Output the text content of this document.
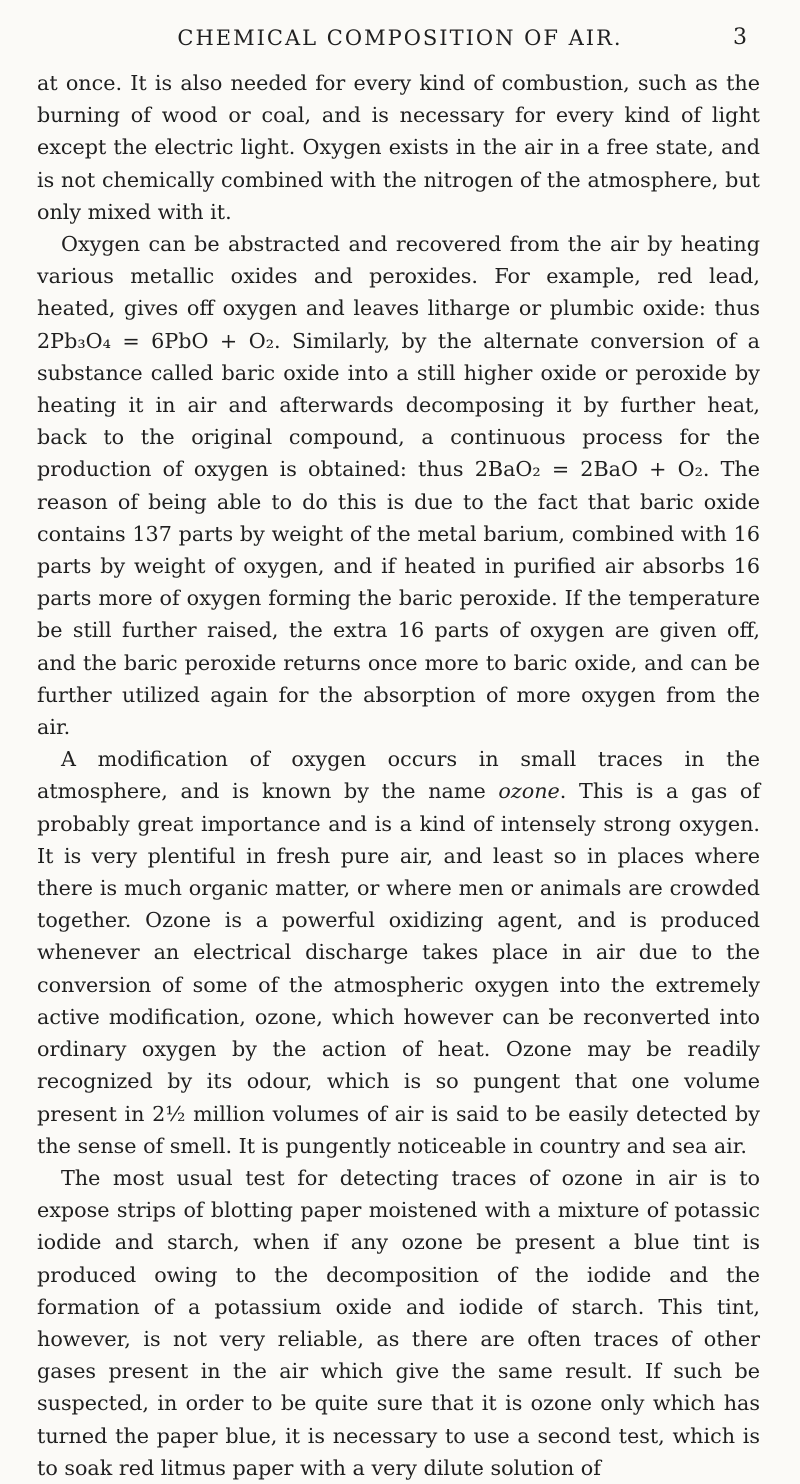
CHEMICAL COMPOSITION OF AIR.	3

at once. It is also needed for every kind of combustion, such as the burning of wood or coal, and is necessary for every kind of light except the electric light. Oxygen exists in the air in a free state, and is not chemically combined with the nitrogen of the atmosphere, but only mixed with it.

Oxygen can be abstracted and recovered from the air by heating various metallic oxides and peroxides. For example, red lead, heated, gives off oxygen and leaves litharge or plumbic oxide: thus 2Pb₃O₄ = 6PbO + O₂. Similarly, by the alternate conversion of a substance called baric oxide into a still higher oxide or peroxide by heating it in air and afterwards decomposing it by further heat, back to the original compound, a continuous process for the production of oxygen is obtained: thus 2BaO₂ = 2BaO + O₂. The reason of being able to do this is due to the fact that baric oxide contains 137 parts by weight of the metal barium, combined with 16 parts by weight of oxygen, and if heated in purified air absorbs 16 parts more of oxygen forming the baric peroxide. If the temperature be still further raised, the extra 16 parts of oxygen are given off, and the baric peroxide returns once more to baric oxide, and can be further utilized again for the absorption of more oxygen from the air.

A modification of oxygen occurs in small traces in the atmosphere, and is known by the name ozone. This is a gas of probably great importance and is a kind of intensely strong oxygen. It is very plentiful in fresh pure air, and least so in places where there is much organic matter, or where men or animals are crowded together. Ozone is a powerful oxidizing agent, and is produced whenever an electrical discharge takes place in air due to the conversion of some of the atmospheric oxygen into the extremely active modification, ozone, which however can be reconverted into ordinary oxygen by the action of heat. Ozone may be readily recognized by its odour, which is so pungent that one volume present in 2½ million volumes of air is said to be easily detected by the sense of smell. It is pungently noticeable in country and sea air.

The most usual test for detecting traces of ozone in air is to expose strips of blotting paper moistened with a mixture of potassic iodide and starch, when if any ozone be present a blue tint is produced owing to the decomposition of the iodide and the formation of a potassium oxide and iodide of starch. This tint, however, is not very reliable, as there are often traces of other gases present in the air which give the same result. If such be suspected, in order to be quite sure that it is ozone only which has turned the paper blue, it is necessary to use a second test, which is to soak red litmus paper with a very dilute solution of
